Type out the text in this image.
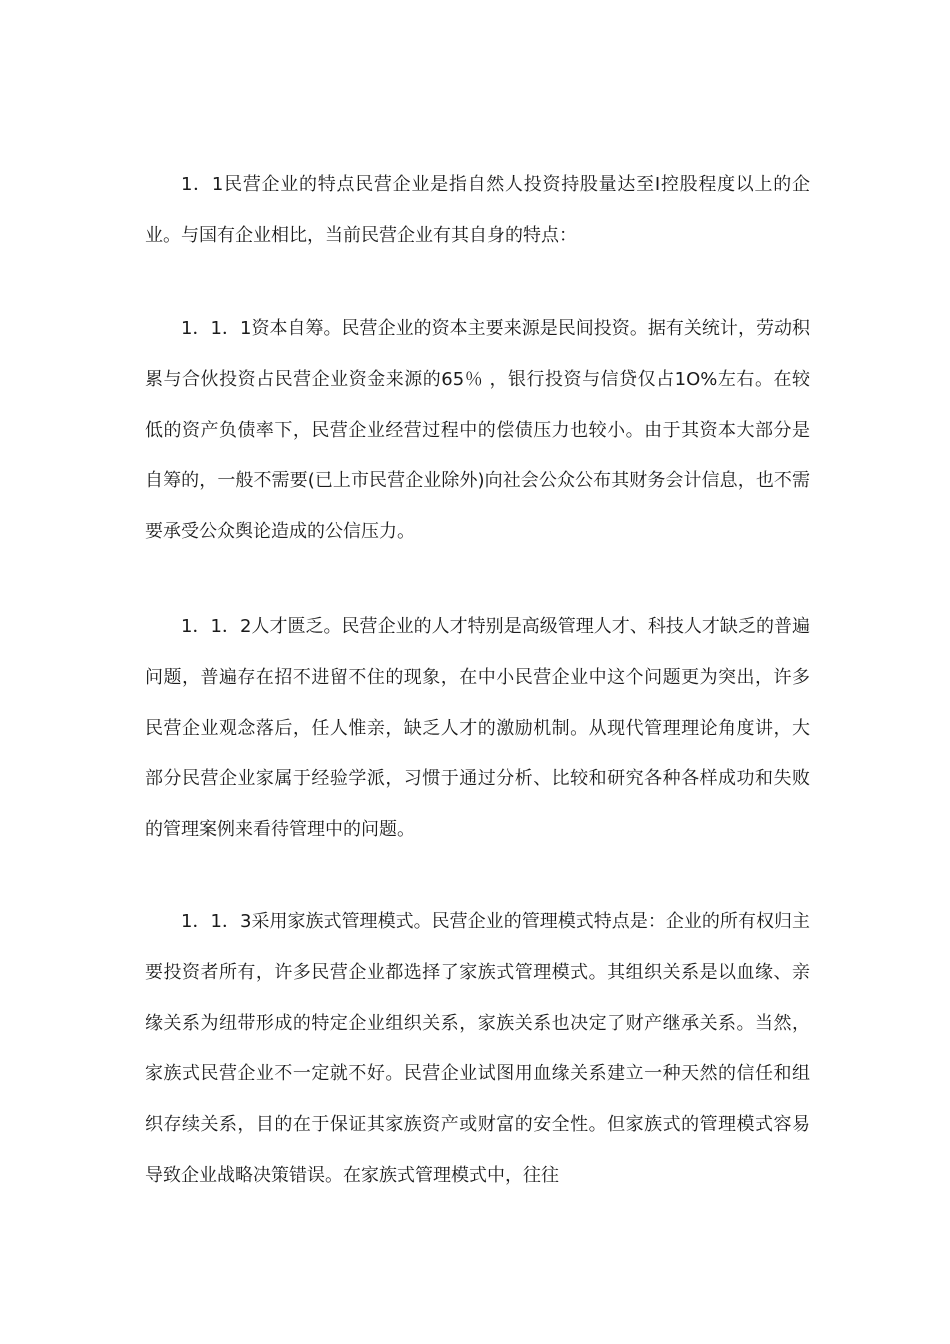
1．1民营企业的特点民营企业是指自然人投资持股量达至I控股程度以上的企业。与国有企业相比，当前民营企业有其自身的特点：

1．1．1资本自筹。民营企业的资本主要来源是民间投资。据有关统计，劳动积累与合伙投资占民营企业资金来源的65％ ，银行投资与信贷仅占1O%左右。在较低的资产负债率下，民营企业经营过程中的偿债压力也较小。由于其资本大部分是自筹的，一般不需要(已上市民营企业除外)向社会公众公布其财务会计信息，也不需要承受公众舆论造成的公信压力。

1．1．2人才匮乏。民营企业的人才特别是高级管理人才、科技人才缺乏的普遍问题，普遍存在招不进留不住的现象，在中小民营企业中这个问题更为突出，许多民营企业观念落后，任人惟亲，缺乏人才的激励机制。从现代管理理论角度讲，大部分民营企业家属于经验学派，习惯于通过分析、比较和研究各种各样成功和失败的管理案例来看待管理中的问题。

1．1．3采用家族式管理模式。民营企业的管理模式特点是：企业的所有权归主要投资者所有，许多民营企业都选择了家族式管理模式。其组织关系是以血缘、亲缘关系为纽带形成的特定企业组织关系，家族关系也决定了财产继承关系。当然，家族式民营企业不一定就不好。民营企业试图用血缘关系建立一种天然的信任和组织存续关系，目的在于保证其家族资产或财富的安全性。但家族式的管理模式容易导致企业战略决策错误。在家族式管理模式中，往往
